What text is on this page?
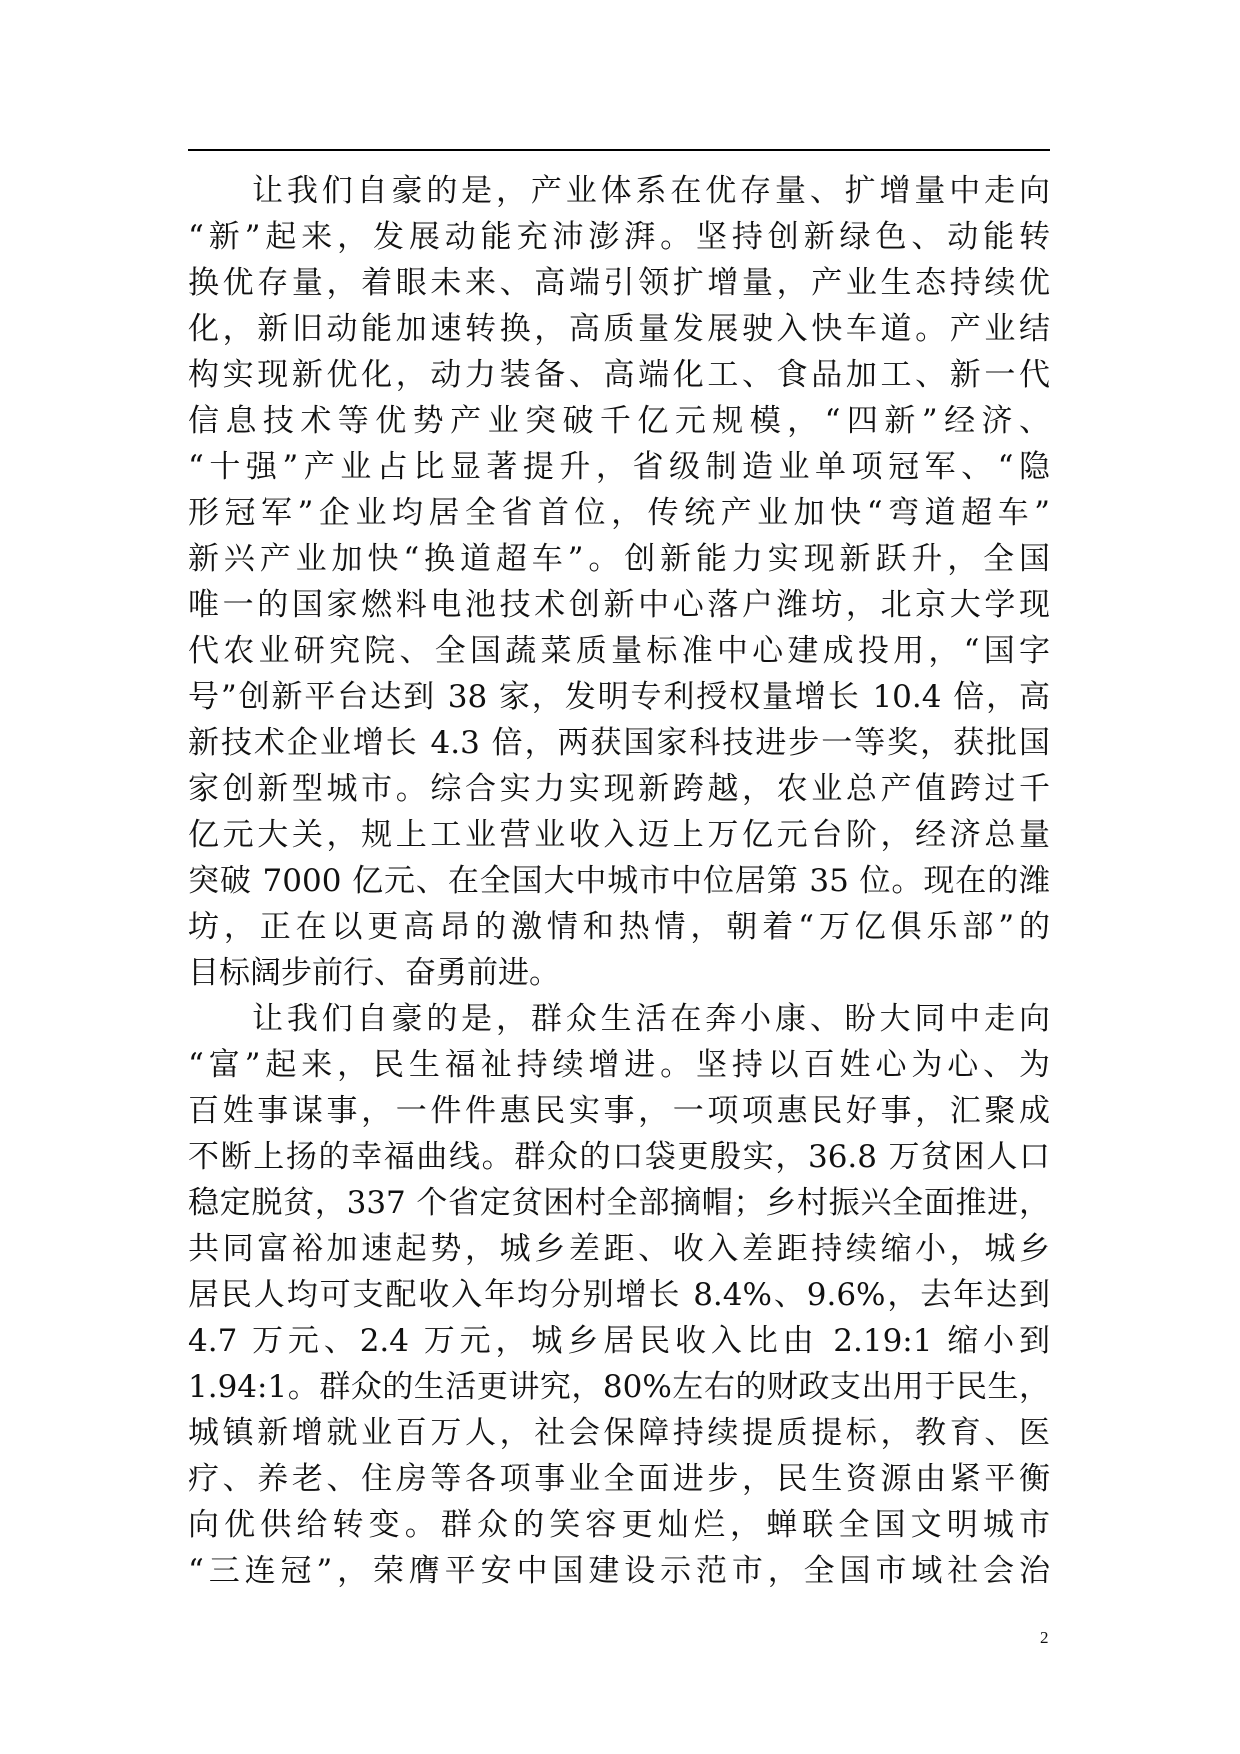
让我们自豪的是，产业体系在优存量、扩增量中走向
“新”起来，发展动能充沛澎湃。坚持创新绿色、动能转
换优存量，着眼未来、高端引领扩增量，产业生态持续优
化，新旧动能加速转换，高质量发展驶入快车道。产业结
构实现新优化，动力装备、高端化工、食品加工、新一代
信息技术等优势产业突破千亿元规模，“四新”经济、
“十强”产业占比显著提升，省级制造业单项冠军、“隐
形冠军”企业均居全省首位，传统产业加快“弯道超车”
新兴产业加快“换道超车”。创新能力实现新跃升，全国
唯一的国家燃料电池技术创新中心落户潍坊，北京大学现
代农业研究院、全国蔬菜质量标准中心建成投用，“国字
号”创新平台达到 38 家，发明专利授权量增长 10.4 倍，高
新技术企业增长 4.3 倍，两获国家科技进步一等奖，获批国
家创新型城市。综合实力实现新跨越，农业总产值跨过千
亿元大关，规上工业营业收入迈上万亿元台阶，经济总量
突破 7000 亿元、在全国大中城市中位居第 35 位。现在的潍
坊，正在以更高昂的激情和热情，朝着“万亿俱乐部”的
目标阔步前行、奋勇前进。
让我们自豪的是，群众生活在奔小康、盼大同中走向
“富”起来，民生福祉持续增进。坚持以百姓心为心、为
百姓事谋事，一件件惠民实事，一项项惠民好事，汇聚成
不断上扬的幸福曲线。群众的口袋更殷实，36.8 万贫困人口
稳定脱贫，337 个省定贫困村全部摘帽；乡村振兴全面推进，
共同富裕加速起势，城乡差距、收入差距持续缩小，城乡
居民人均可支配收入年均分别增长 8.4%、9.6%，去年达到
4.7 万元、2.4 万元，城乡居民收入比由 2.19:1 缩小到
1.94:1。群众的生活更讲究，80%左右的财政支出用于民生，
城镇新增就业百万人，社会保障持续提质提标，教育、医
疗、养老、住房等各项事业全面进步，民生资源由紧平衡
向优供给转变。群众的笑容更灿烂，蝉联全国文明城市
“三连冠”，荣膺平安中国建设示范市，全国市域社会治
2
